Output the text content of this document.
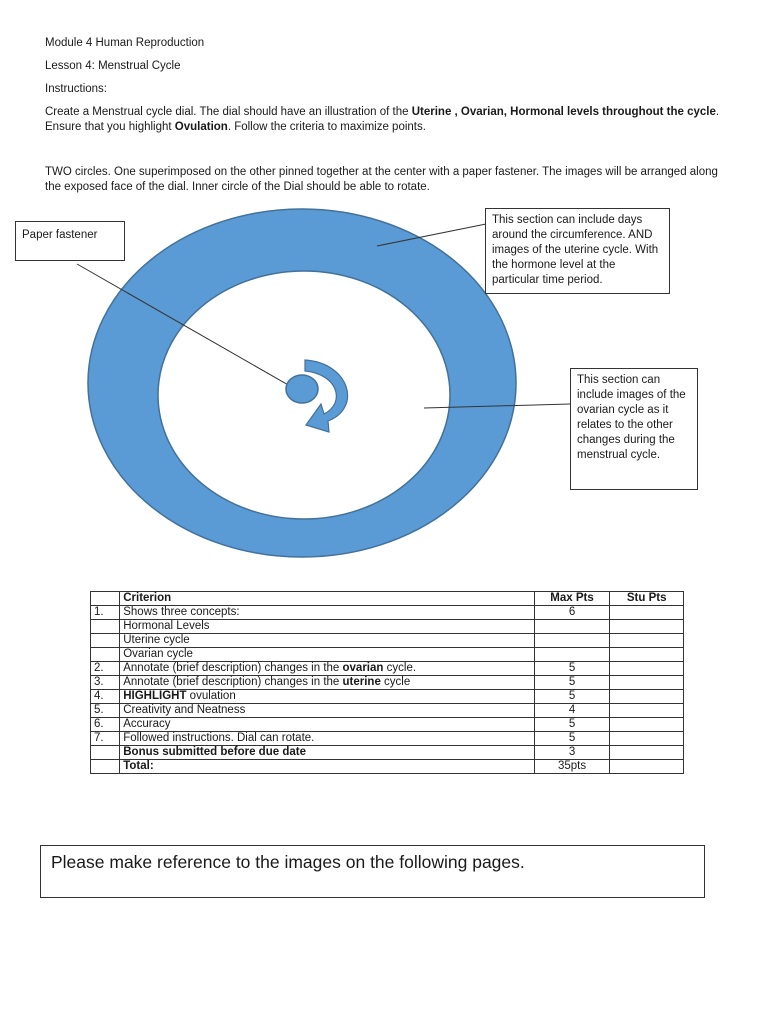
Module 4 Human Reproduction
Lesson 4: Menstrual Cycle
Instructions:
Create a Menstrual cycle dial. The dial should have an illustration of the Uterine , Ovarian, Hormonal levels throughout the cycle. Ensure that you highlight Ovulation. Follow the criteria to maximize points.
TWO circles. One superimposed on the other pinned together at the center with a paper fastener. The images will be arranged along the exposed face of the dial. Inner circle of the Dial should be able to rotate.
Paper fastener
This section can include days around the circumference. AND images of the uterine cycle. With the hormone level at the particular time period.
This section can include images of the ovarian cycle as it relates to the other changes during the menstrual cycle.
	Criterion	Max Pts	Stu Pts
1.	Shows three concepts:	6	
	Hormonal Levels		
	Uterine cycle		
	Ovarian cycle		
2.	Annotate (brief description) changes in the ovarian cycle.	5	
3.	Annotate (brief description) changes in the uterine cycle	5	
4.	HIGHLIGHT ovulation	5	
5.	Creativity and Neatness	4	
6.	Accuracy	5	
7.	Followed instructions. Dial can rotate.	5	
	Bonus submitted before due date	3	
	Total:	35pts	
Please make reference to the images on the following pages.
